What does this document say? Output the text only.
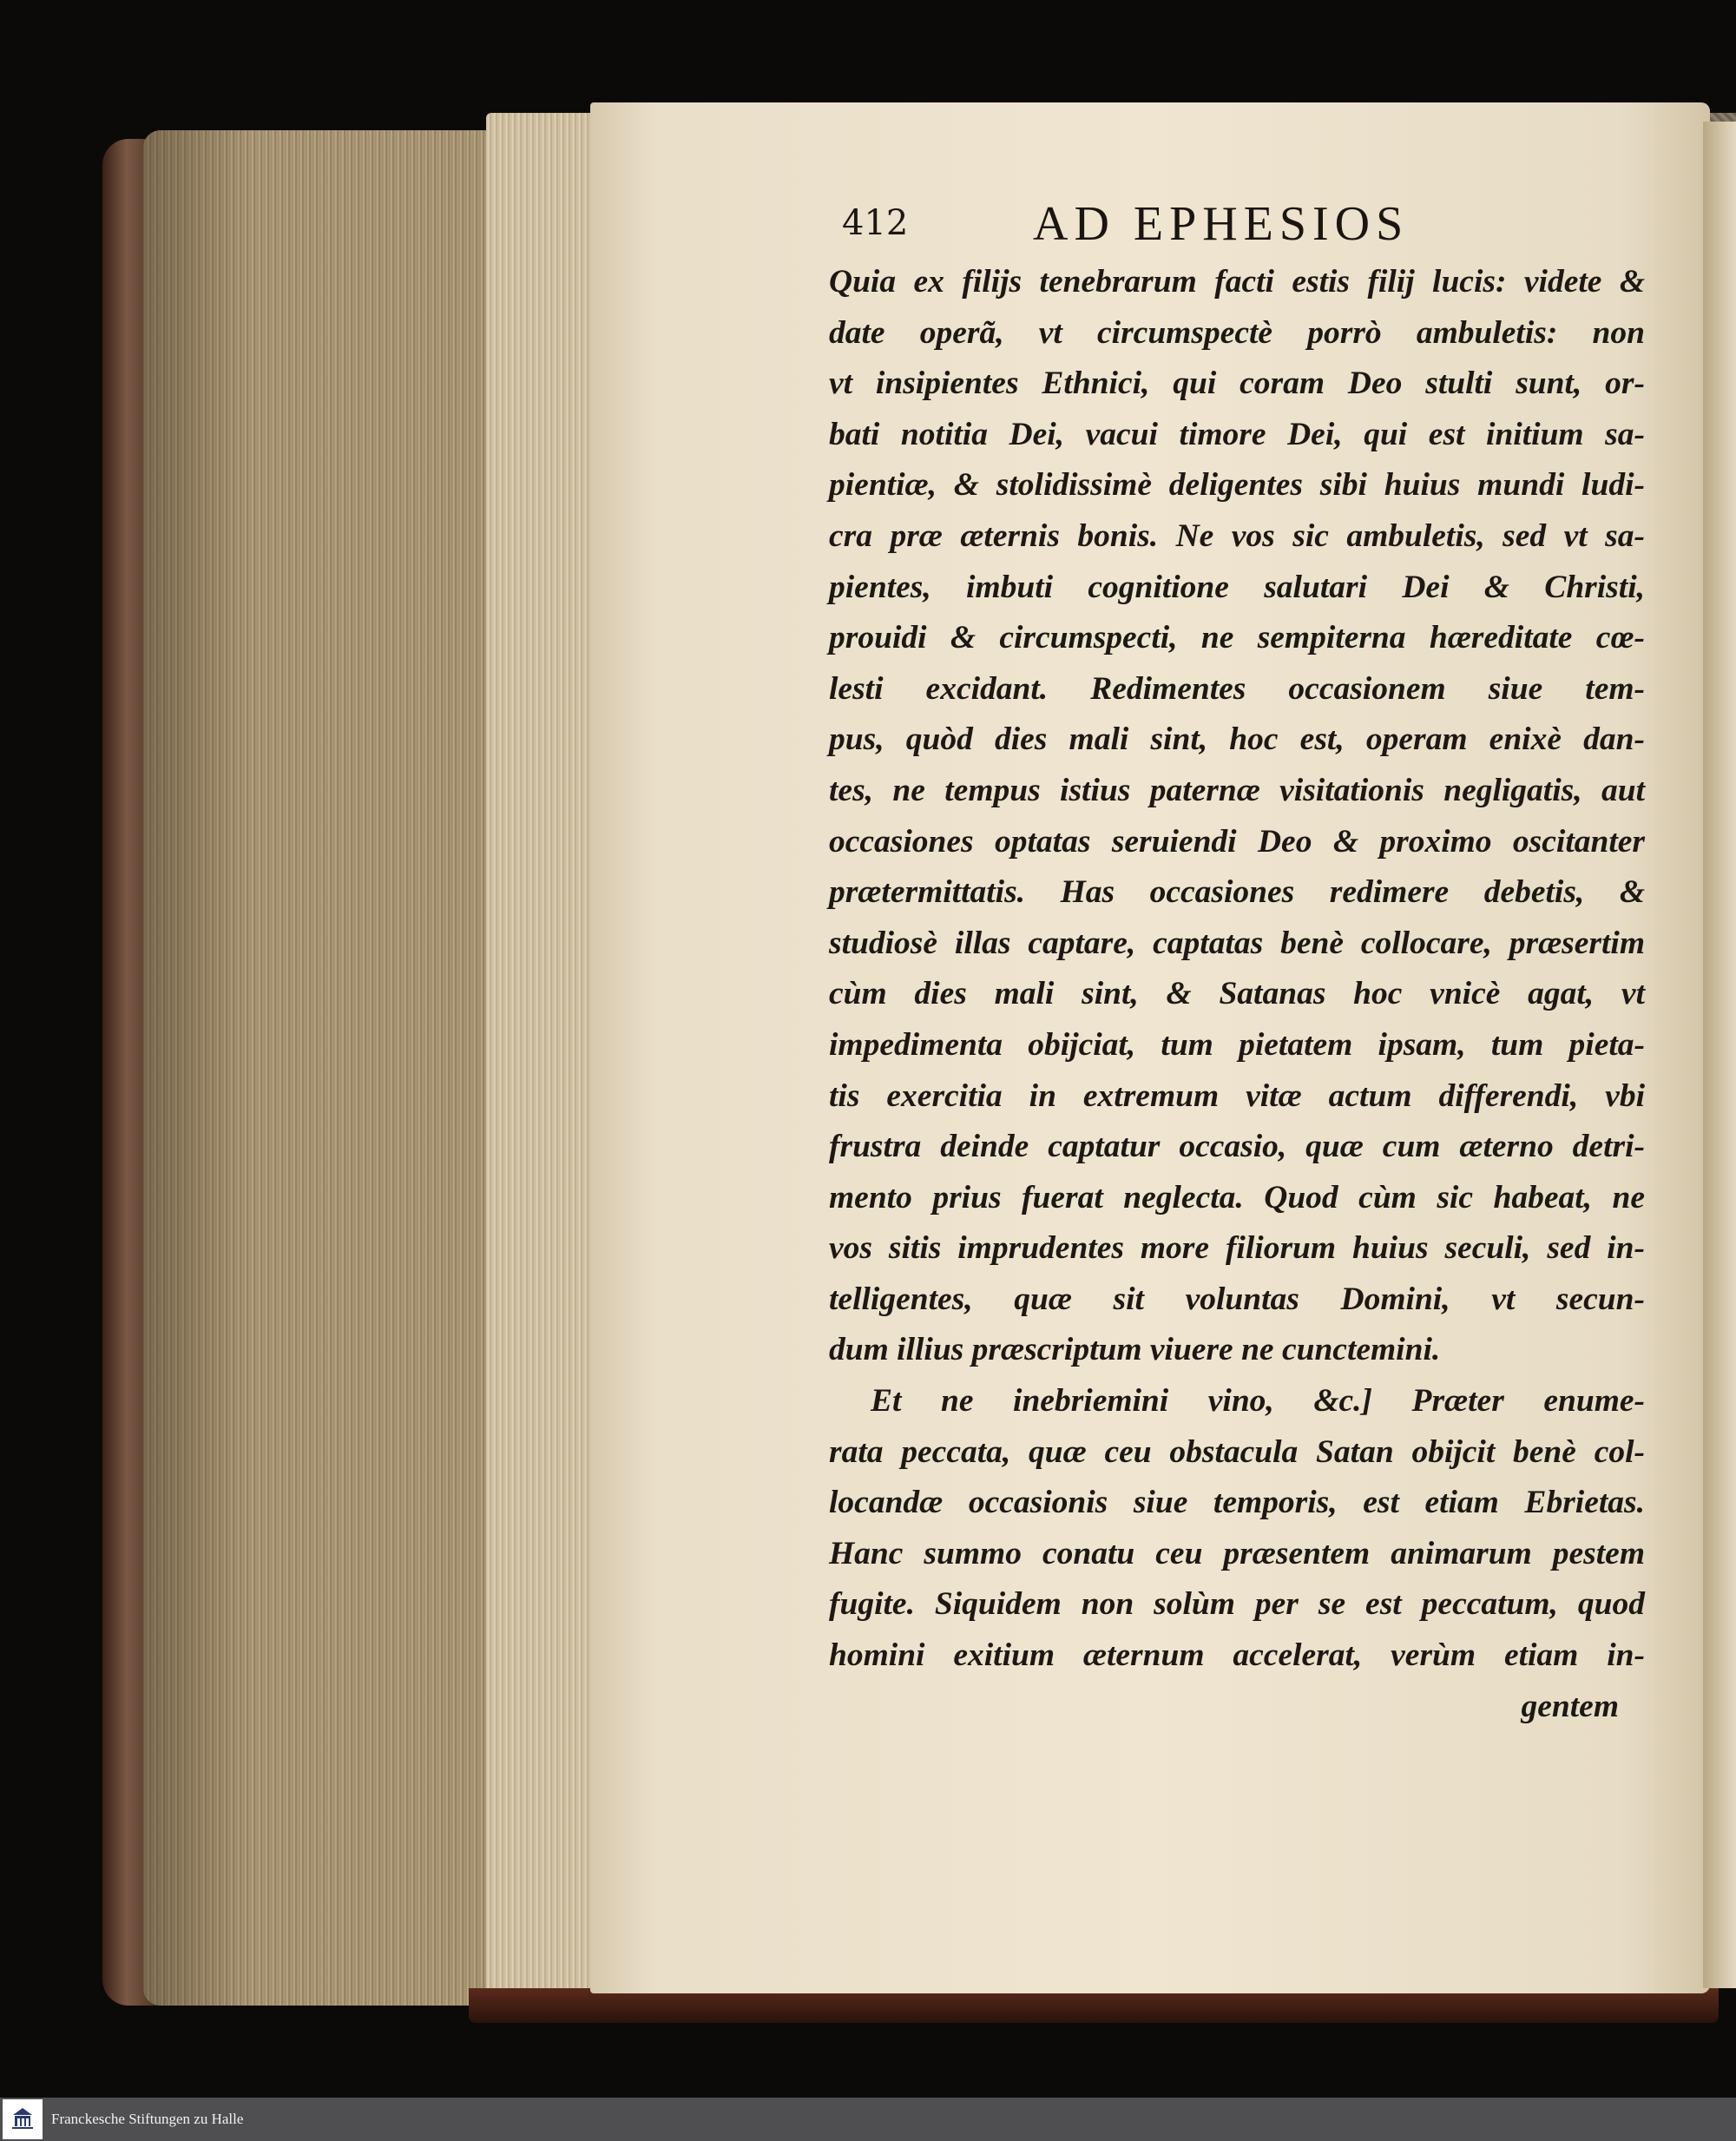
412	AD EPHESIOS
Quia ex filijs tenebrarum facti estis filij lucis: videte &
date operã, vt circumspectè porrò ambuletis: non
vt insipientes Ethnici, qui coram Deo stulti sunt, or-
bati notitia Dei, vacui timore Dei, qui est initium sa-
pientiæ, & stolidissimè deligentes sibi huius mundi ludi-
cra præ æternis bonis. Ne vos sic ambuletis, sed vt sa-
pientes, imbuti cognitione salutari Dei & Christi,
prouidi & circumspecti, ne sempiterna hæreditate cœ-
lesti excidant. Redimentes occasionem siue tem-
pus, quòd dies mali sint, hoc est, operam enixè dan-
tes, ne tempus istius paternæ visitationis negligatis, aut
occasiones optatas seruiendi Deo & proximo oscitanter
prætermittatis. Has occasiones redimere debetis, &
studiosè illas captare, captatas benè collocare, præsertim
cùm dies mali sint, & Satanas hoc vnicè agat, vt
impedimenta obijciat, tum pietatem ipsam, tum pieta-
tis exercitia in extremum vitæ actum differendi, vbi
frustra deinde captatur occasio, quæ cum æterno detri-
mento prius fuerat neglecta. Quod cùm sic habeat, ne
vos sitis imprudentes more filiorum huius seculi, sed in-
telligentes, quæ sit voluntas Domini, vt secun-
dum illius præscriptum viuere ne cunctemini.
Et ne inebriemini vino, &c.] Præter enume-
rata peccata, quæ ceu obstacula Satan obijcit benè col-
locandæ occasionis siue temporis, est etiam Ebrietas.
Hanc summo conatu ceu præsentem animarum pestem
fugite. Siquidem non solùm per se est peccatum, quod
homini exitium æternum accelerat, verùm etiam in-
gentem
Franckesche Stiftungen zu Halle
